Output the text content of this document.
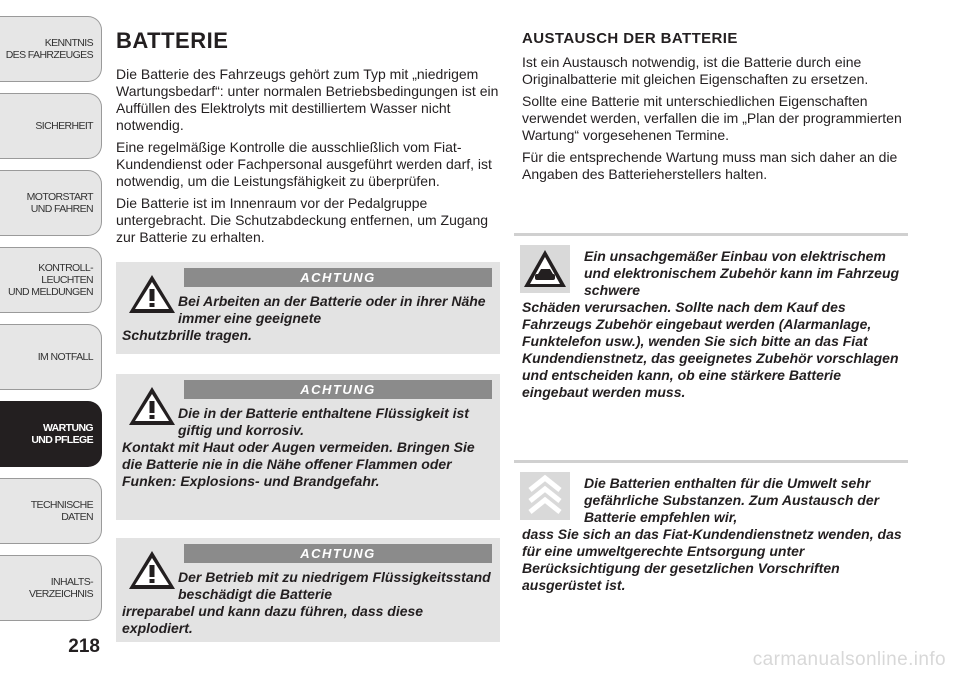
KENNTNIS
DES FAHRZEUGES
SICHERHEIT
MOTORSTART
UND FAHREN
KONTROLL-
LEUCHTEN
UND MELDUNGEN
IM NOTFALL
WARTUNG
UND PFLEGE
TECHNISCHE
DATEN
INHALTS-
VERZEICHNIS
218
BATTERIE

Die Batterie des Fahrzeugs gehört zum Typ mit „niedrigem Wartungsbedarf“: unter normalen Betriebsbedingungen ist ein Auffüllen des Elektrolyts mit destilliertem Wasser nicht notwendig.

Eine regelmäßige Kontrolle die ausschließlich vom Fiat-Kundendienst oder Fachpersonal ausgeführt werden darf, ist notwendig, um die Leistungsfähigkeit zu überprüfen.

Die Batterie ist im Innenraum vor der Pedalgruppe untergebracht. Die Schutzabdeckung entfernen, um Zugang zur Batterie zu erhalten.

ACHTUNG
Bei Arbeiten an der Batterie oder in ihrer Nähe immer eine geeignete
Schutzbrille tragen.
ACHTUNG
Die in der Batterie enthaltene Flüssigkeit ist giftig und korrosiv.
Kontakt mit Haut oder Augen vermeiden. Bringen Sie die Batterie nie in die Nähe offener Flammen oder Funken: Explosions- und Brandgefahr.
ACHTUNG
Der Betrieb mit zu niedrigem Flüssigkeitsstand beschädigt die Batterie
irreparabel und kann dazu führen, dass diese explodiert.
AUSTAUSCH DER BATTERIE

Ist ein Austausch notwendig, ist die Batterie durch eine Originalbatterie mit gleichen Eigenschaften zu ersetzen.

Sollte eine Batterie mit unterschiedlichen Eigenschaften verwendet werden, verfallen die im „Plan der programmierten Wartung“ vorgesehenen Termine.

Für die entsprechende Wartung muss man sich daher an die Angaben des Batterieherstellers halten.

Ein unsachgemäßer Einbau von elektrischem und elektronischem Zubehör kann im Fahrzeug schwere
Schäden verursachen. Sollte nach dem Kauf des Fahrzeugs Zubehör eingebaut werden (Alarmanlage, Funktelefon usw.), wenden Sie sich bitte an das Fiat Kundendienstnetz, das geeignetes Zubehör vorschlagen und entscheiden kann, ob eine stärkere Batterie eingebaut werden muss.
Die Batterien enthalten für die Umwelt sehr gefährliche Substanzen. Zum Austausch der Batterie empfehlen wir,
dass Sie sich an das Fiat-Kundendienstnetz wenden, das für eine umweltgerechte Entsorgung unter Berücksichtigung der gesetzlichen Vorschriften ausgerüstet ist.
carmanualsonline.info
